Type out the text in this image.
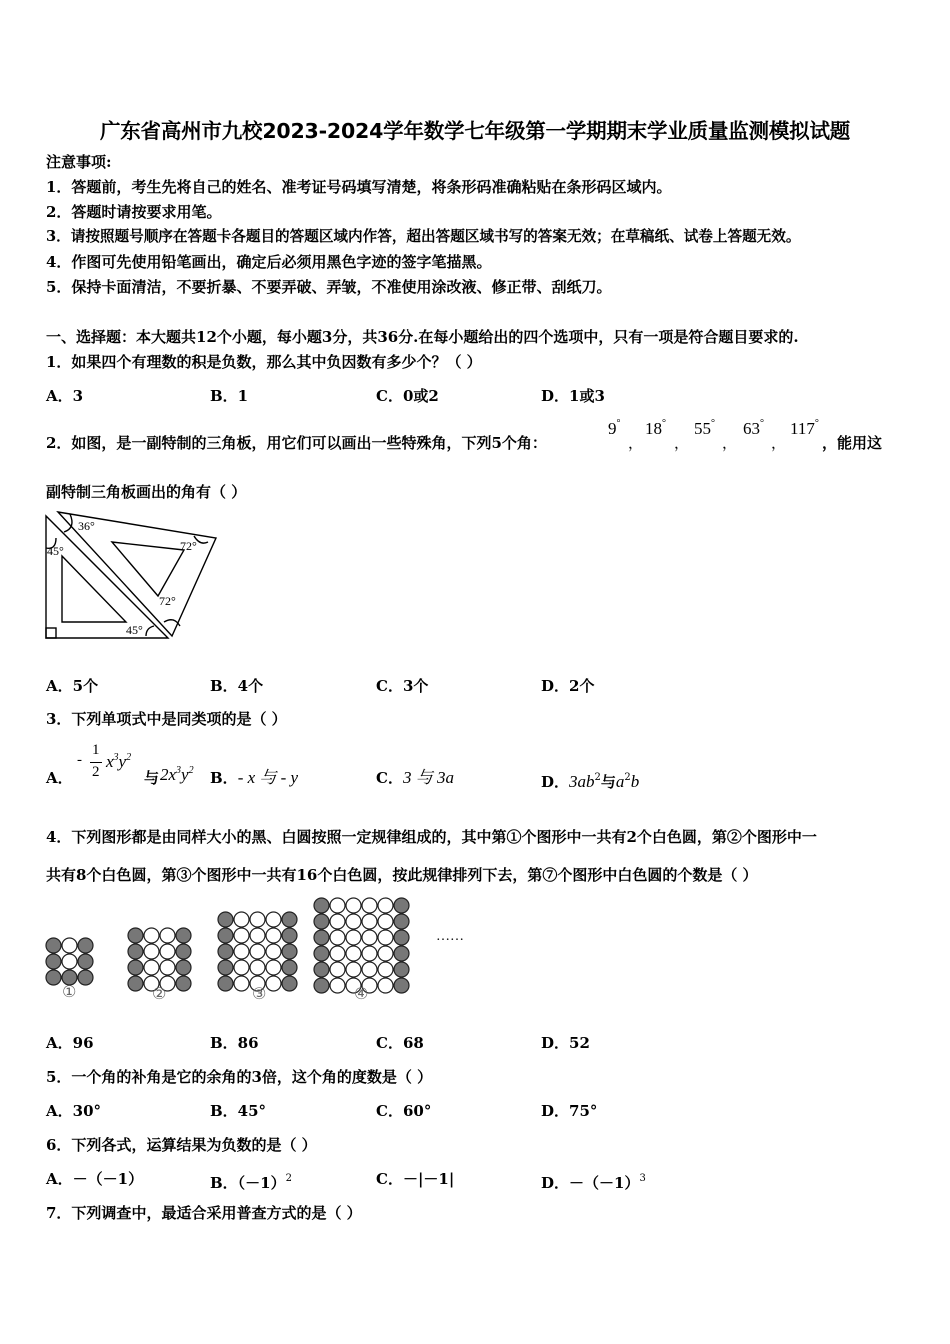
广东省高州市九校2023-2024学年数学七年级第一学期期末学业质量监测模拟试题
注意事项:
1．答题前，考生先将自己的姓名、准考证号码填写清楚，将条形码准确粘贴在条形码区域内。
2．答题时请按要求用笔。
3．请按照题号顺序在答题卡各题目的答题区域内作答，超出答题区域书写的答案无效；在草稿纸、试卷上答题无效。
4．作图可先使用铅笔画出，确定后必须用黑色字迹的签字笔描黑。
5．保持卡面清洁，不要折暴、不要弄破、弄皱，不准使用涂改液、修正带、刮纸刀。
一、选择题：本大题共12个小题，每小题3分，共36分.在每小题给出的四个选项中，只有一项是符合题目要求的.
1．如果四个有理数的积是负数，那么其中负因数有多少个？（ ）
A．3	B．1	C．0或2	D．1或3
2．如图，是一副特制的三角板，用它们可以画出一些特殊角，下列5个角：
9°
，
18°
，
55°
，
63°
，
117°
，能用这
副特制三角板画出的角有（ ）
36°
45°	72°
72°
45°
A．5个	B．4个	C．3个	D．2个
3．下列单项式中是同类项的是（ ）
A．
-
1
2
$x^3y^2$
与 $2x^3y^2$ B．- x 与 - y	C．3 与 3a	D．$3ab^2$与$a^2b$
4．下列图形都是由同样大小的黑、白圆按照一定规律组成的，其中第①个图形中一共有2个白色圆，第②个图形中一
共有8个白色圆，第③个图形中一共有16个白色圆，按此规律排列下去，第⑦个图形中白色圆的个数是（ ）
……
①	②	③	④
A．96	B．86	C．68	D．52
5．一个角的补角是它的余角的3倍，这个角的度数是（ ）
A．30°	B．45°	C．60°	D．75°
6．下列各式，运算结果为负数的是（ ）
A．－（－1）	B．$(-1)^2$	C．－|－1|	D．$-(-1)^3$
7．下列调查中，最适合采用普查方式的是（ ）
